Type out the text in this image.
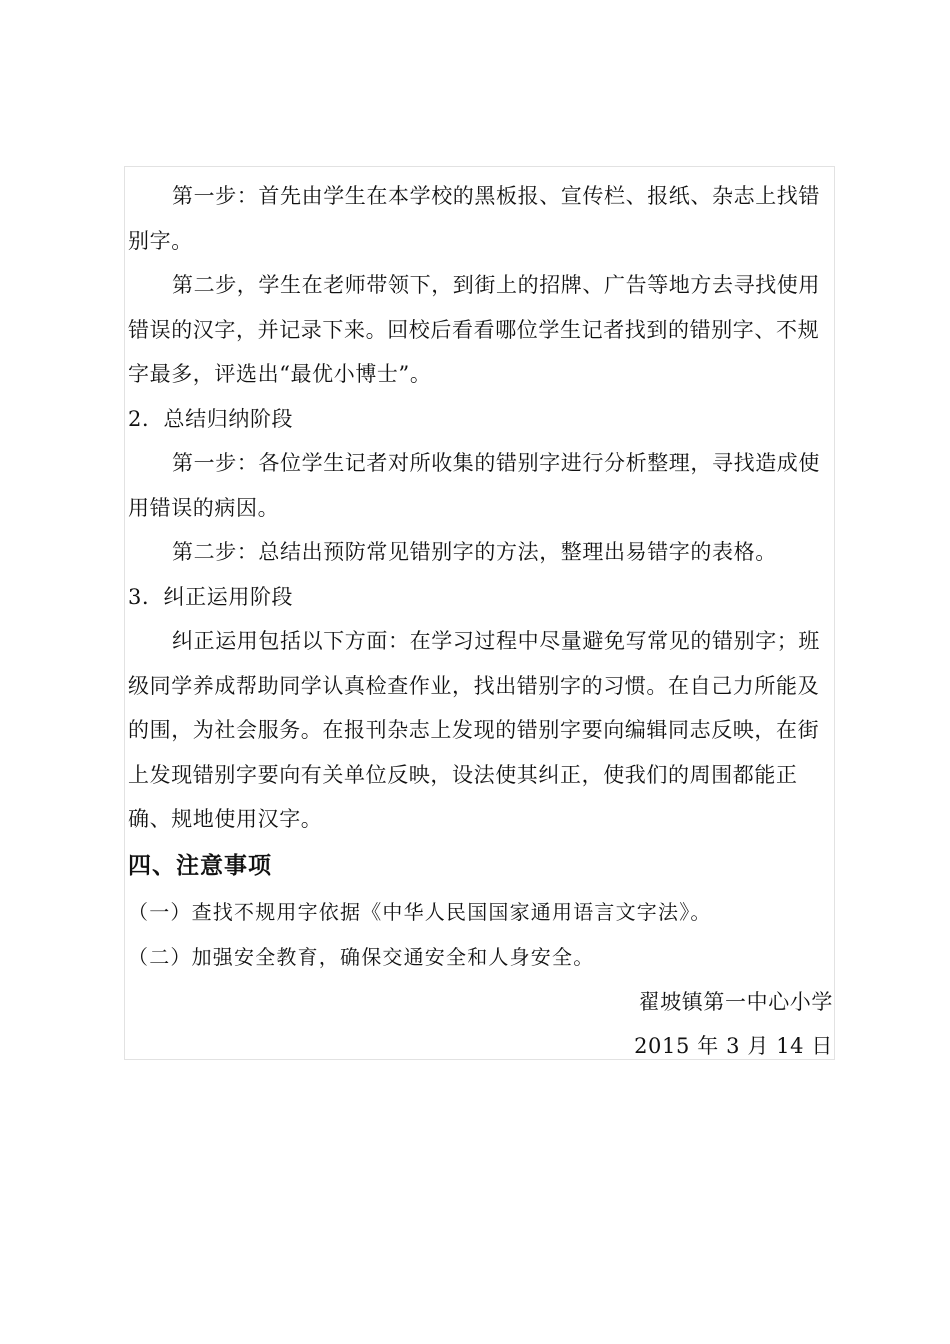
第一步：首先由学生在本学校的黑板报、宣传栏、报纸、杂志上找错别字。

第二步，学生在老师带领下，到街上的招牌、广告等地方去寻找使用错误的汉字，并记录下来。回校后看看哪位学生记者找到的错别字、不规字最多，评选出“最优小博士”。

2．总结归纳阶段

第一步：各位学生记者对所收集的错别字进行分析整理，寻找造成使用错误的病因。

第二步：总结出预防常见错别字的方法，整理出易错字的表格。

3．纠正运用阶段

纠正运用包括以下方面：在学习过程中尽量避免写常见的错别字；班级同学养成帮助同学认真检查作业，找出错别字的习惯。在自己力所能及的围，为社会服务。在报刊杂志上发现的错别字要向编辑同志反映，在街上发现错别字要向有关单位反映，设法使其纠正，使我们的周围都能正确、规地使用汉字。

四、注意事项

（一）查找不规用字依据《中华人民国国家通用语言文字法》。

（二）加强安全教育，确保交通安全和人身安全。

翟坡镇第一中心小学

2015 年 3 月 14 日
